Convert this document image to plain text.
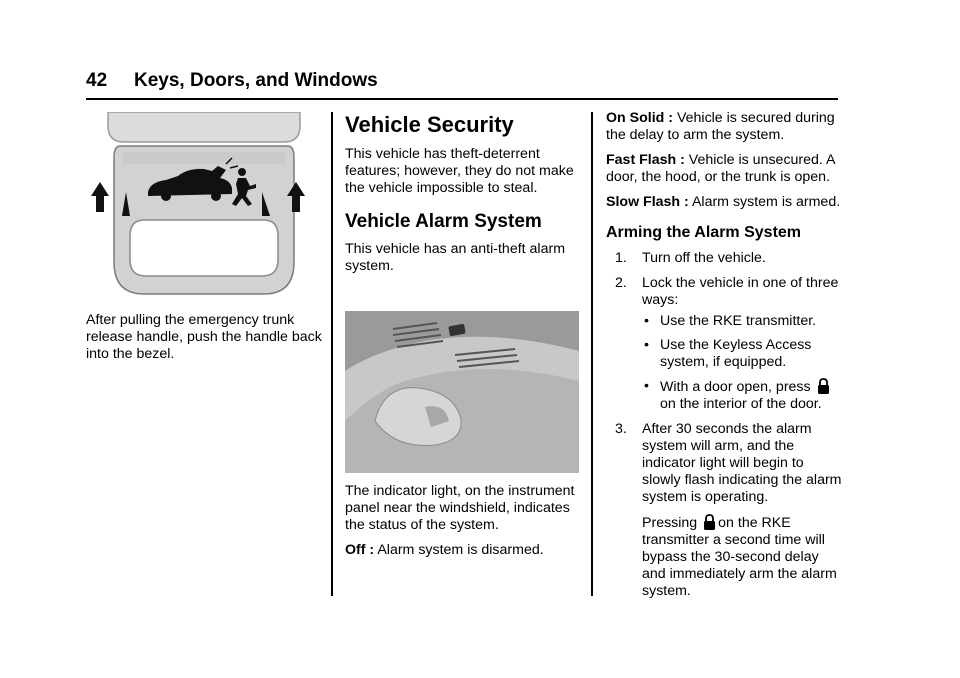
42 Keys, Doors, and Windows

After pulling the emergency trunk release handle, push the handle back into the bezel.

Vehicle Security

This vehicle has theft-deterrent features; however, they do not make the vehicle impossible to steal.

Vehicle Alarm System

This vehicle has an anti-theft alarm system.

The indicator light, on the instrument panel near the windshield, indicates the status of the system.

Off : Alarm system is disarmed.

On Solid : Vehicle is secured during the delay to arm the system.

Fast Flash : Vehicle is unsecured. A door, the hood, or the trunk is open.

Slow Flash : Alarm system is armed.

Arming the Alarm System
1. Turn off the vehicle.
2. Lock the vehicle in one of three ways:
• Use the RKE transmitter.
• Use the Keyless Access system, if equipped.
• With a door open, press
on the interior of the door.
3. After 30 seconds the alarm system will arm, and the indicator light will begin to slowly flash indicating the alarm system is operating.
Pressing on the RKE transmitter a second time will bypass the 30-second delay and immediately arm the alarm system.
